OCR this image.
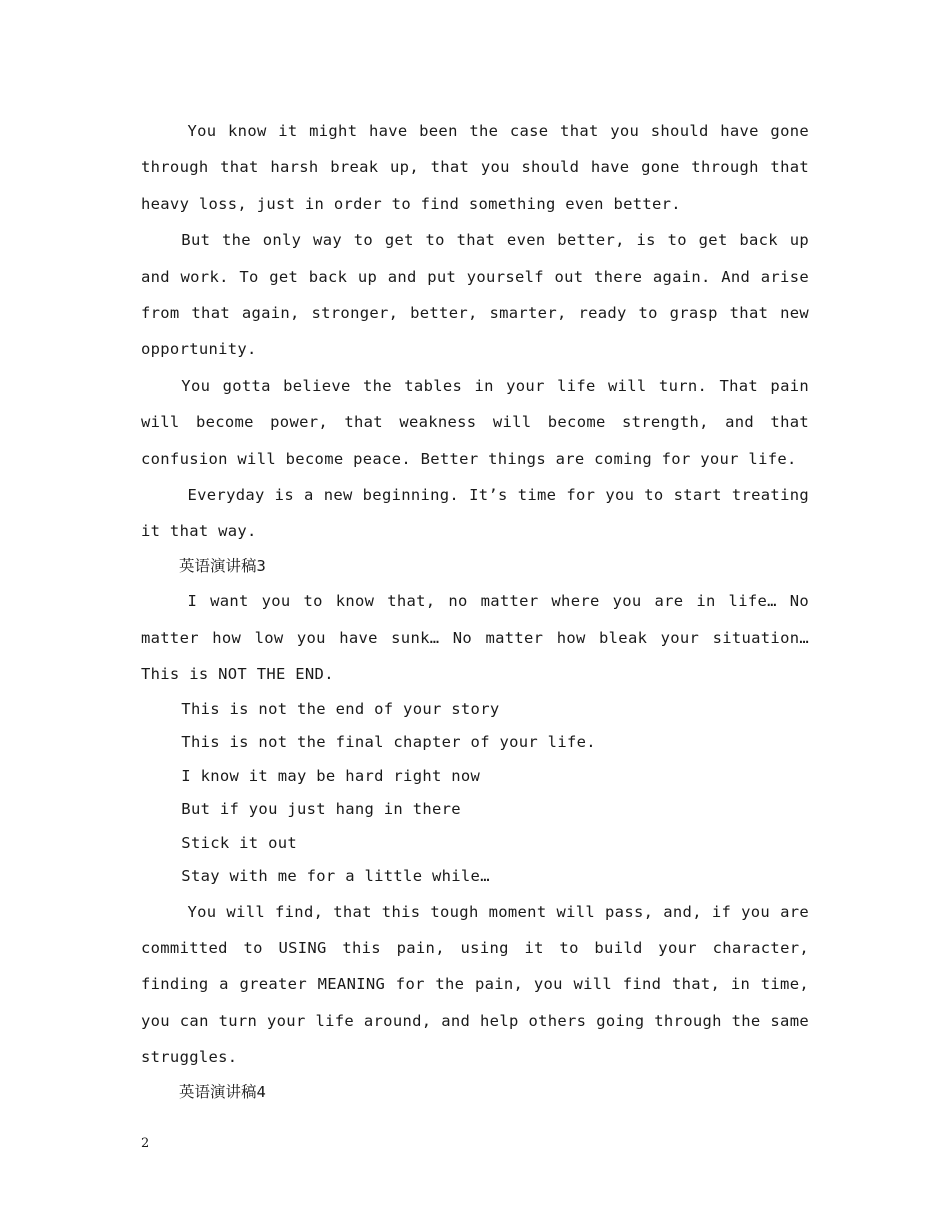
You know it might have been the case that you should have gone through that harsh break up, that you should have gone through that heavy loss, just in order to find something even better.

But the only way to get to that even better, is to get back up and work. To get back up and put yourself out there again. And arise from that again, stronger, better, smarter, ready to grasp that new opportunity.

You gotta believe the tables in your life will turn. That pain will become power, that weakness will become strength, and that confusion will become peace. Better things are coming for your life.

Everyday is a new beginning. It’s time for you to start treating it that way.

英语演讲稿3

I want you to know that, no matter where you are in life… No matter how low you have sunk… No matter how bleak your situation… This is NOT THE END.

This is not the end of your story

This is not the final chapter of your life.

I know it may be hard right now

But if you just hang in there

Stick it out

Stay with me for a little while…

You will find, that this tough moment will pass, and, if you are committed to USING this pain, using it to build your character, finding a greater MEANING for the pain, you will find that, in time, you can turn your life around, and help others going through the same struggles.

英语演讲稿4

2
